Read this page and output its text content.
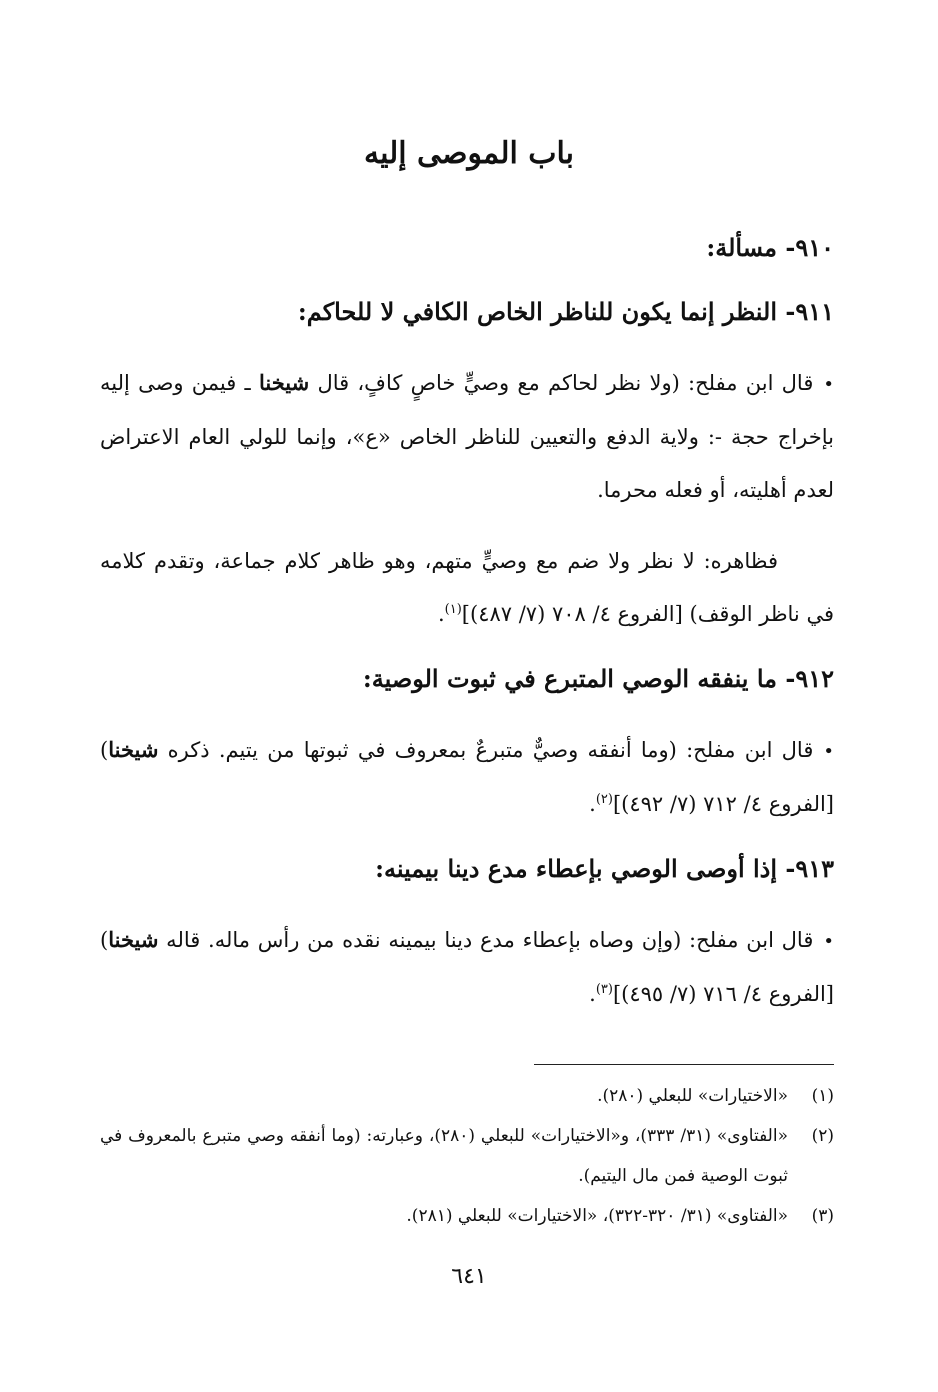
باب الموصى إليه
٩١٠- مسألة:
٩١١- النظر إنما يكون للناظر الخاص الكافي لا للحاكم:

•قال ابن مفلح: (ولا نظر لحاكم مع وصيٍّ خاصٍ كافٍ، قال شيخنا ـ فيمن وصى إليه بإخراج حجة -: ولاية الدفع والتعيين للناظر الخاص «ع»، وإنما للولي العام الاعتراض لعدم أهليته، أو فعله محرما.

فظاهره: لا نظر ولا ضم مع وصيٍّ متهم، وهو ظاهر كلام جماعة، وتقدم كلامه في ناظر الوقف) [الفروع ٤/ ٧٠٨ (٧/ ٤٨٧)]$^{(١)}$.

٩١٢- ما ينفقه الوصي المتبرع في ثبوت الوصية:

•قال ابن مفلح: (وما أنفقه وصيٌّ متبرعٌ بمعروف في ثبوتها من يتيم. ذكره شيخنا) [الفروع ٤/ ٧١٢ (٧/ ٤٩٢)]$^{(٢)}$.

٩١٣- إذا أوصى الوصي بإعطاء مدع دينا بيمينه:

•قال ابن مفلح: (وإن وصاه بإعطاء مدع دينا بيمينه نقده من رأس ماله. قاله شيخنا) [الفروع ٤/ ٧١٦ (٧/ ٤٩٥)]$^{(٣)}$.

(١)
«الاختيارات» للبعلي (٢٨٠).
(٢)
«الفتاوى» (٣١/ ٣٣٣)، و«الاختيارات» للبعلي (٢٨٠)، وعبارته: (وما أنفقه وصي متبرع بالمعروف في ثبوت الوصية فمن مال اليتيم).
(٣)
«الفتاوى» (٣١/ ٣٢٠-٣٢٢)، «الاختيارات» للبعلي (٢٨١).
٦٤١
